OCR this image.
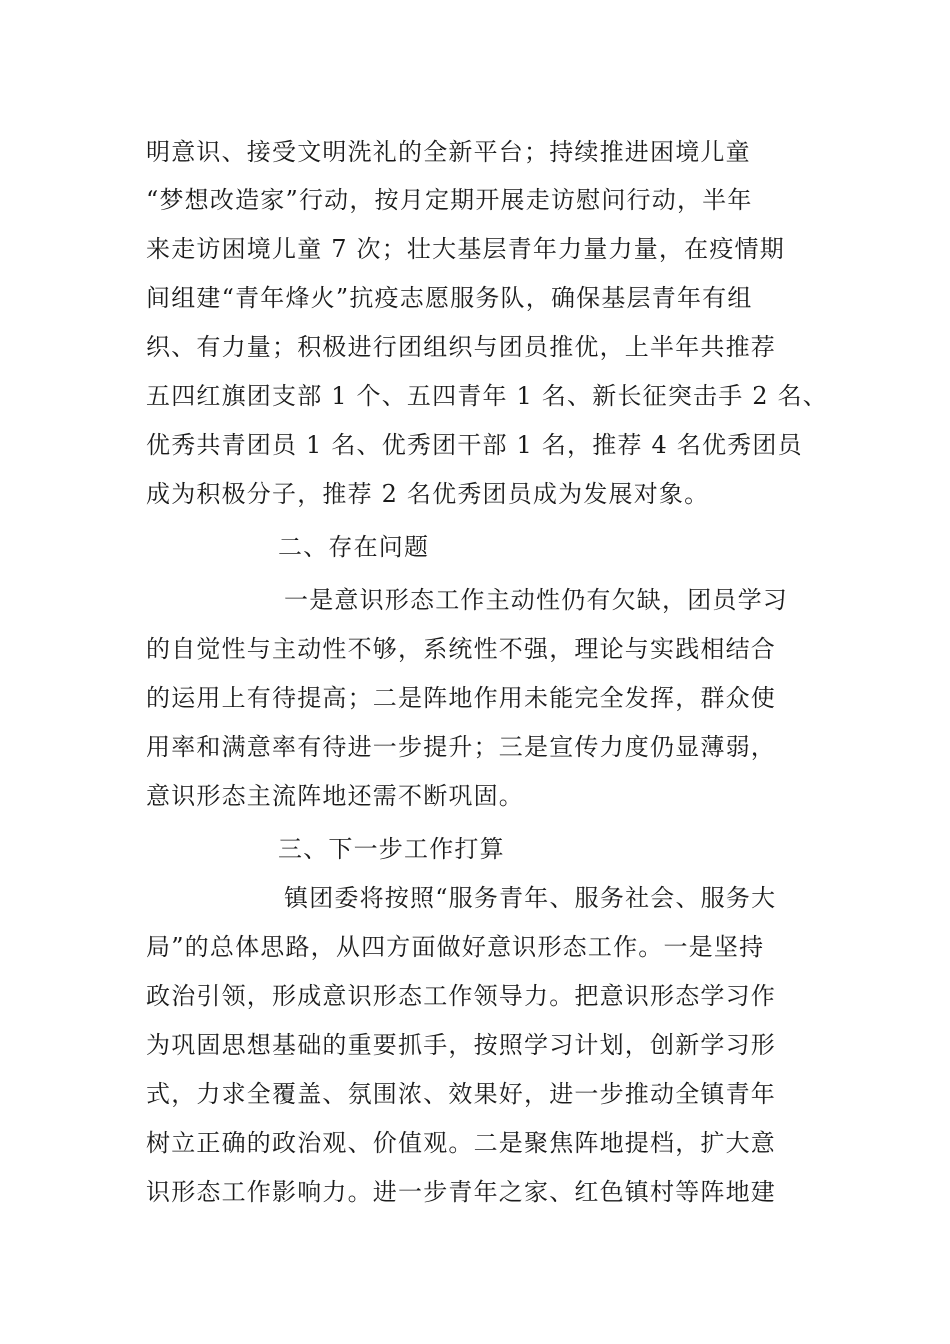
明意识、接受文明洗礼的全新平台；持续推进困境儿童
“梦想改造家”行动，按月定期开展走访慰问行动，半年
来走访困境儿童 7 次；壮大基层青年力量力量，在疫情期
间组建“青年烽火”抗疫志愿服务队，确保基层青年有组
织、有力量；积极进行团组织与团员推优，上半年共推荐
五四红旗团支部 1 个、五四青年 1 名、新长征突击手 2 名、
优秀共青团员 1 名、优秀团干部 1 名，推荐 4 名优秀团员
成为积极分子，推荐 2 名优秀团员成为发展对象。
二、存在问题
一是意识形态工作主动性仍有欠缺，团员学习
的自觉性与主动性不够，系统性不强，理论与实践相结合
的运用上有待提高；二是阵地作用未能完全发挥，群众使
用率和满意率有待进一步提升；三是宣传力度仍显薄弱，
意识形态主流阵地还需不断巩固。
三、下一步工作打算
镇团委将按照“服务青年、服务社会、服务大
局”的总体思路，从四方面做好意识形态工作。一是坚持
政治引领，形成意识形态工作领导力。把意识形态学习作
为巩固思想基础的重要抓手，按照学习计划，创新学习形
式，力求全覆盖、氛围浓、效果好，进一步推动全镇青年
树立正确的政治观、价值观。二是聚焦阵地提档，扩大意
识形态工作影响力。进一步青年之家、红色镇村等阵地建
